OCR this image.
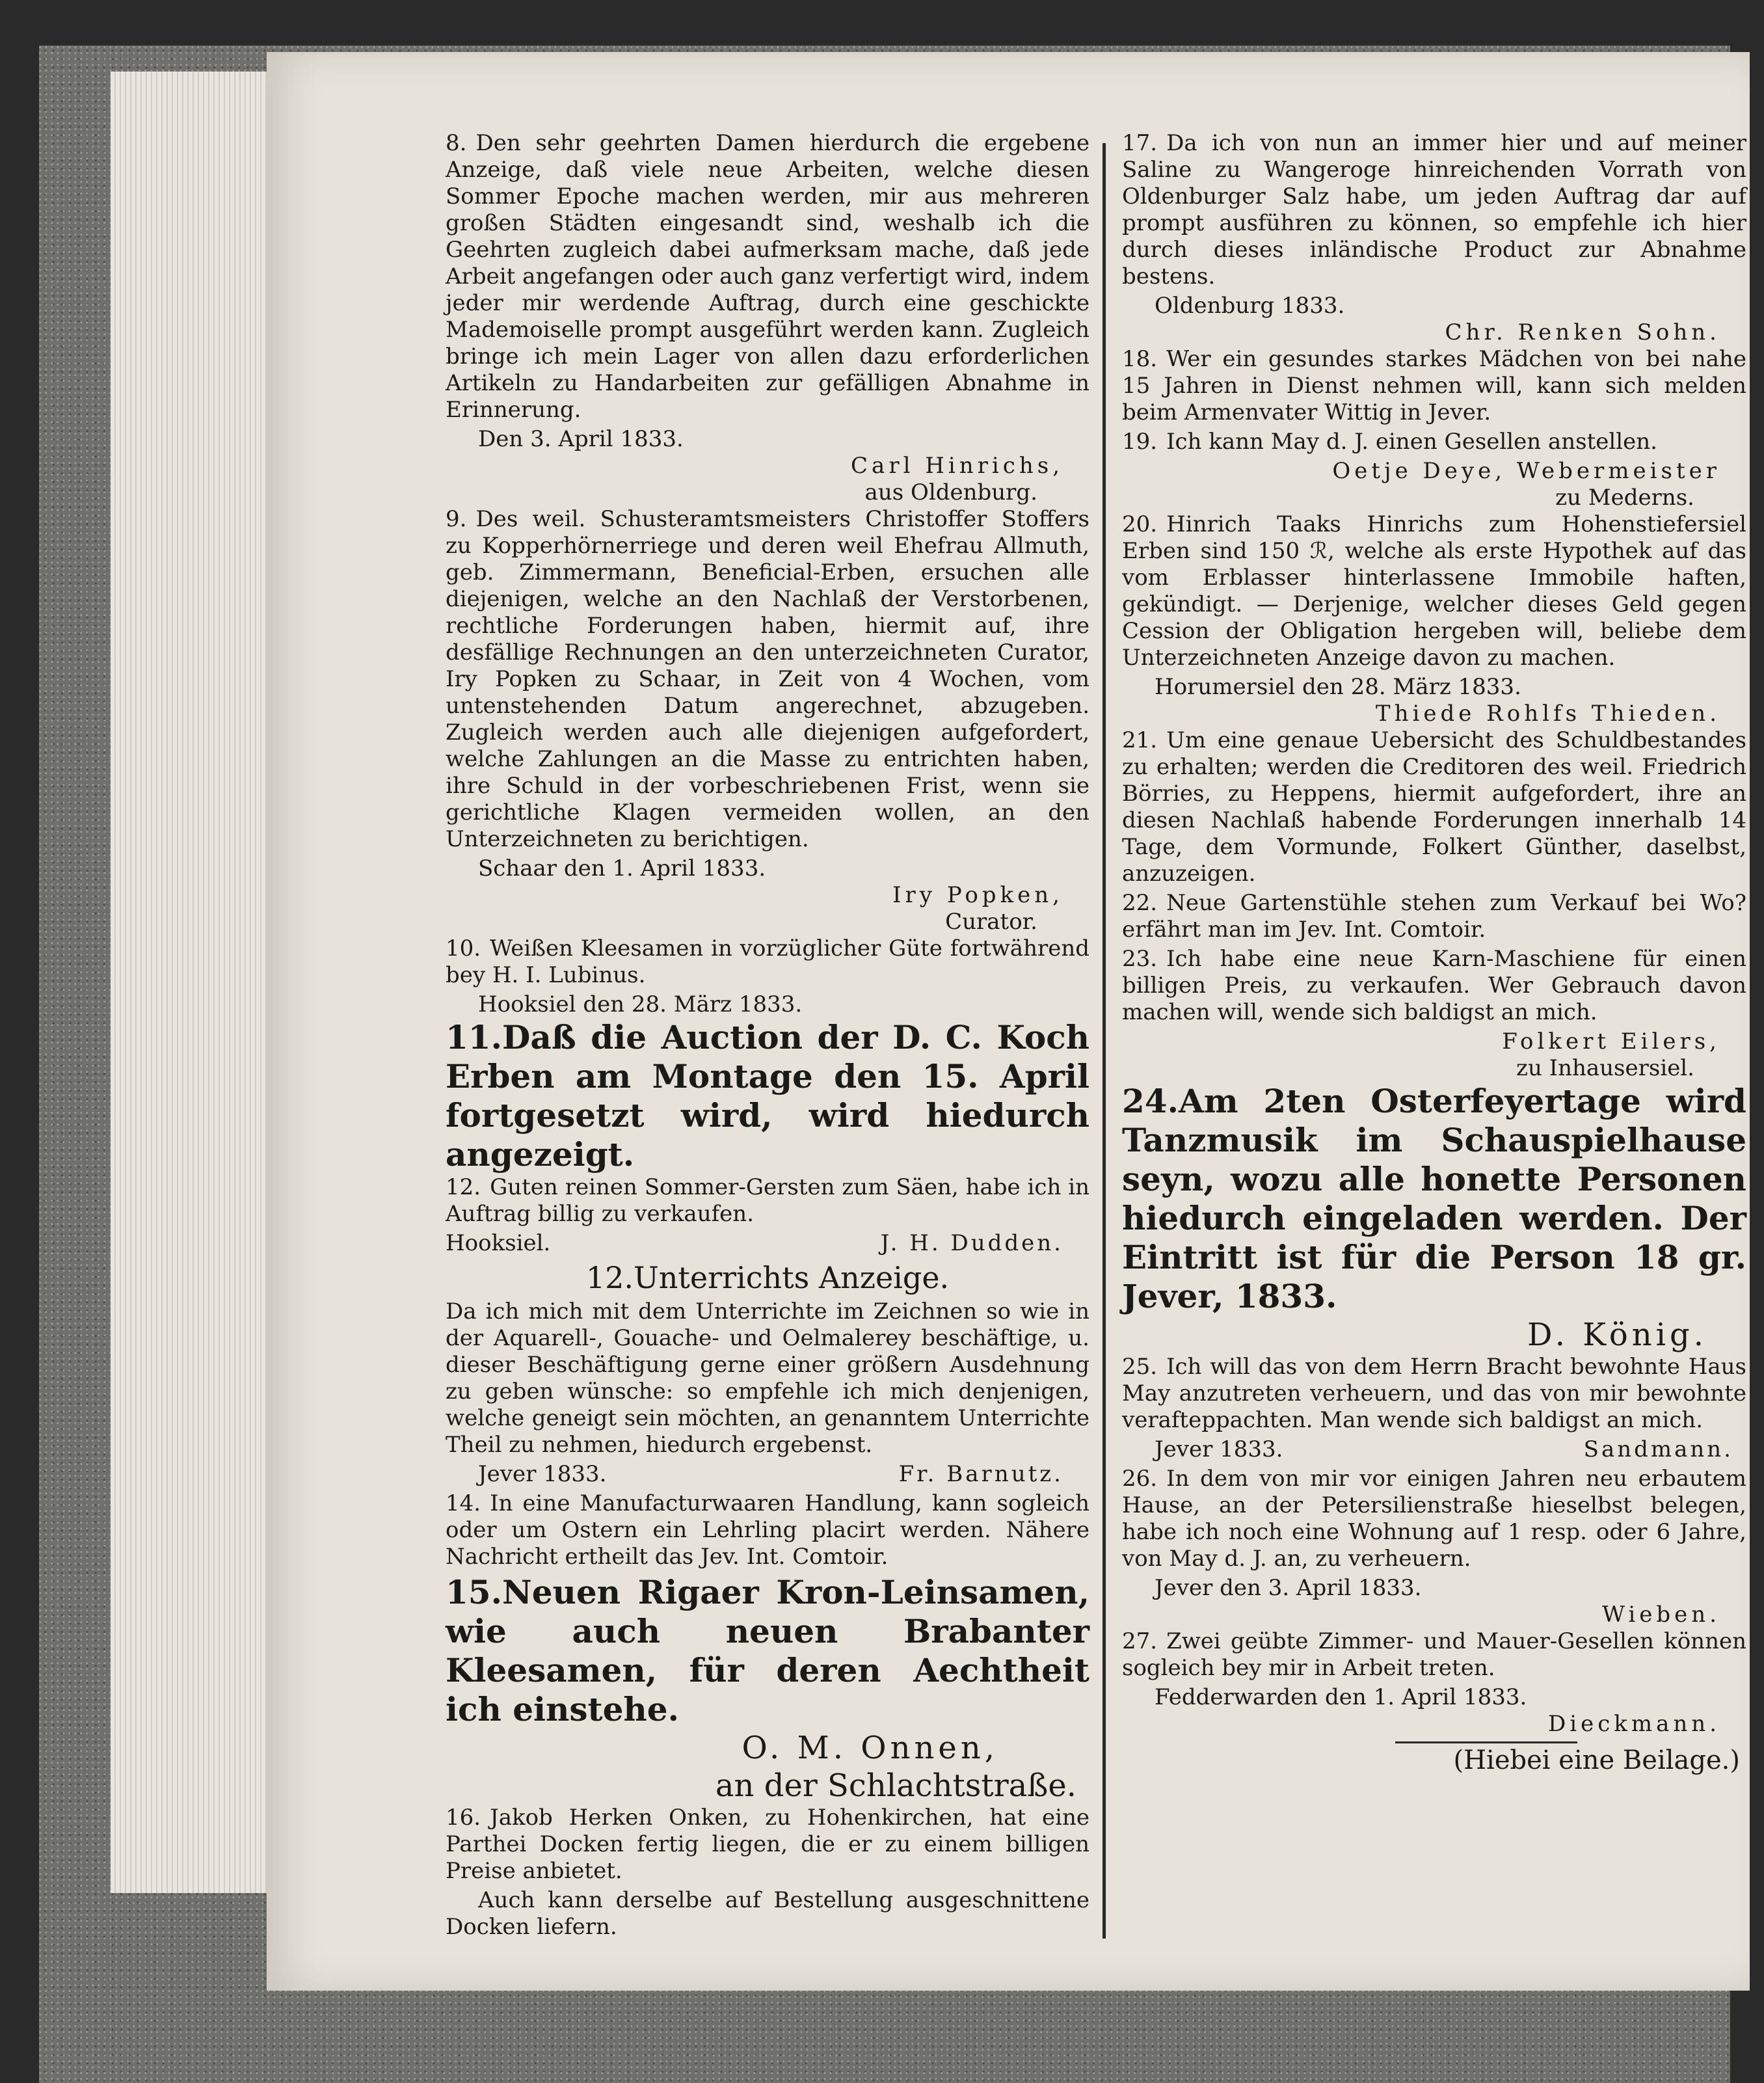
8. Den sehr geehrten Damen hierdurch die ergebene Anzeige, daß viele neue Arbeiten, welche diesen Sommer Epoche machen werden, mir aus mehreren großen Städten eingesandt sind, weshalb ich die Geehrten zugleich dabei aufmerksam mache, daß jede Arbeit angefangen oder auch ganz verfertigt wird, indem jeder mir werdende Auftrag, durch eine geschickte Mademoiselle prompt ausgeführt werden kann. Zugleich bringe ich mein Lager von allen dazu erforderlichen Artikeln zu Handarbeiten zur gefälligen Abnahme in Erinnerung.

Den 3. April 1833.

Carl Hinrichs,

aus Oldenburg.

9. Des weil. Schusteramtsmeisters Christoffer Stoffers zu Kopperhörnerriege und deren weil Ehefrau Allmuth, geb. Zimmermann, Beneficial-Erben, ersuchen alle diejenigen, welche an den Nachlaß der Verstorbenen, rechtliche Forderungen haben, hiermit auf, ihre desfällige Rechnungen an den unterzeichneten Curator, Iry Popken zu Schaar, in Zeit von 4 Wochen, vom untenstehenden Datum angerechnet, abzugeben. Zugleich werden auch alle diejenigen aufgefordert, welche Zahlungen an die Masse zu entrichten haben, ihre Schuld in der vorbeschriebenen Frist, wenn sie gerichtliche Klagen vermeiden wollen, an den Unterzeichneten zu berichtigen.

Schaar den 1. April 1833.

Iry Popken,

Curator.

10. Weißen Kleesamen in vorzüglicher Güte fortwährend bey H. I. Lubinus.

Hooksiel den 28. März 1833.

11.Daß die Auction der D. C. Koch Erben am Montage den 15. April fortgesetzt wird, wird hiedurch angezeigt.

12. Guten reinen Sommer-Gersten zum Säen, habe ich in Auftrag billig zu verkaufen.

Hooksiel.	J. H. Dudden.

12.Unterrichts Anzeige.

Da ich mich mit dem Unterrichte im Zeichnen so wie in der Aquarell-, Gouache- und Oelmalerey beschäftige, u. dieser Beschäftigung gerne einer größern Ausdehnung zu geben wünsche: so empfehle ich mich denjenigen, welche geneigt sein möchten, an genanntem Unterrichte Theil zu nehmen, hiedurch ergebenst.

Jever 1833.	Fr. Barnutz.

14. In eine Manufacturwaaren Handlung, kann sogleich oder um Ostern ein Lehrling placirt werden. Nähere Nachricht ertheilt das Jev. Int. Comtoir.

15.Neuen Rigaer Kron-Leinsamen, wie auch neuen Brabanter Kleesamen, für deren Aechtheit ich einstehe.

O. M. Onnen,

an der Schlachtstraße.

16. Jakob Herken Onken, zu Hohenkirchen, hat eine Parthei Docken fertig liegen, die er zu einem billigen Preise anbietet.

Auch kann derselbe auf Bestellung ausgeschnittene Docken liefern.

17. Da ich von nun an immer hier und auf meiner Saline zu Wangeroge hinreichenden Vorrath von Oldenburger Salz habe, um jeden Auftrag dar auf prompt ausführen zu können, so empfehle ich hier durch dieses inländische Product zur Abnahme bestens.

Oldenburg 1833.

Chr. Renken Sohn.

18. Wer ein gesundes starkes Mädchen von bei nahe 15 Jahren in Dienst nehmen will, kann sich melden beim Armenvater Wittig in Jever.

19. Ich kann May d. J. einen Gesellen anstellen.

Oetje Deye, Webermeister

zu Mederns.

20. Hinrich Taaks Hinrichs zum Hohenstiefersiel Erben sind 150 ℛ, welche als erste Hypothek auf das vom Erblasser hinterlassene Immobile haften, gekündigt. — Derjenige, welcher dieses Geld gegen Cession der Obligation hergeben will, beliebe dem Unterzeichneten Anzeige davon zu machen.

Horumersiel den 28. März 1833.

Thiede Rohlfs Thieden.

21. Um eine genaue Uebersicht des Schuldbestandes zu erhalten; werden die Creditoren des weil. Friedrich Börries, zu Heppens, hiermit aufgefordert, ihre an diesen Nachlaß habende Forderungen innerhalb 14 Tage, dem Vormunde, Folkert Günther, daselbst, anzuzeigen.

22. Neue Gartenstühle stehen zum Verkauf bei Wo? erfährt man im Jev. Int. Comtoir.

23. Ich habe eine neue Karn-Maschiene für einen billigen Preis, zu verkaufen. Wer Gebrauch davon machen will, wende sich baldigst an mich.

Folkert Eilers,

zu Inhausersiel.

24.Am 2ten Osterfeyertage wird Tanzmusik im Schauspielhause seyn, wozu alle honette Personen hiedurch eingeladen werden. Der Eintritt ist für die Person 18 gr. Jever, 1833.

D. König.

25. Ich will das von dem Herrn Bracht bewohnte Haus May anzutreten verheuern, und das von mir bewohnte veraftерpachten. Man wende sich baldigst an mich.

Jever 1833.	Sandmann.

26. In dem von mir vor einigen Jahren neu erbautem Hause, an der Petersilienstraße hieselbst belegen, habe ich noch eine Wohnung auf 1 resp. oder 6 Jahre, von May d. J. an, zu verheuern.

Jever den 3. April 1833.

Wieben.

27. Zwei geübte Zimmer- und Mauer-Gesellen können sogleich bey mir in Arbeit treten.

Fedderwarden den 1. April 1833.

Dieckmann.

(Hiebei eine Beilage.)
